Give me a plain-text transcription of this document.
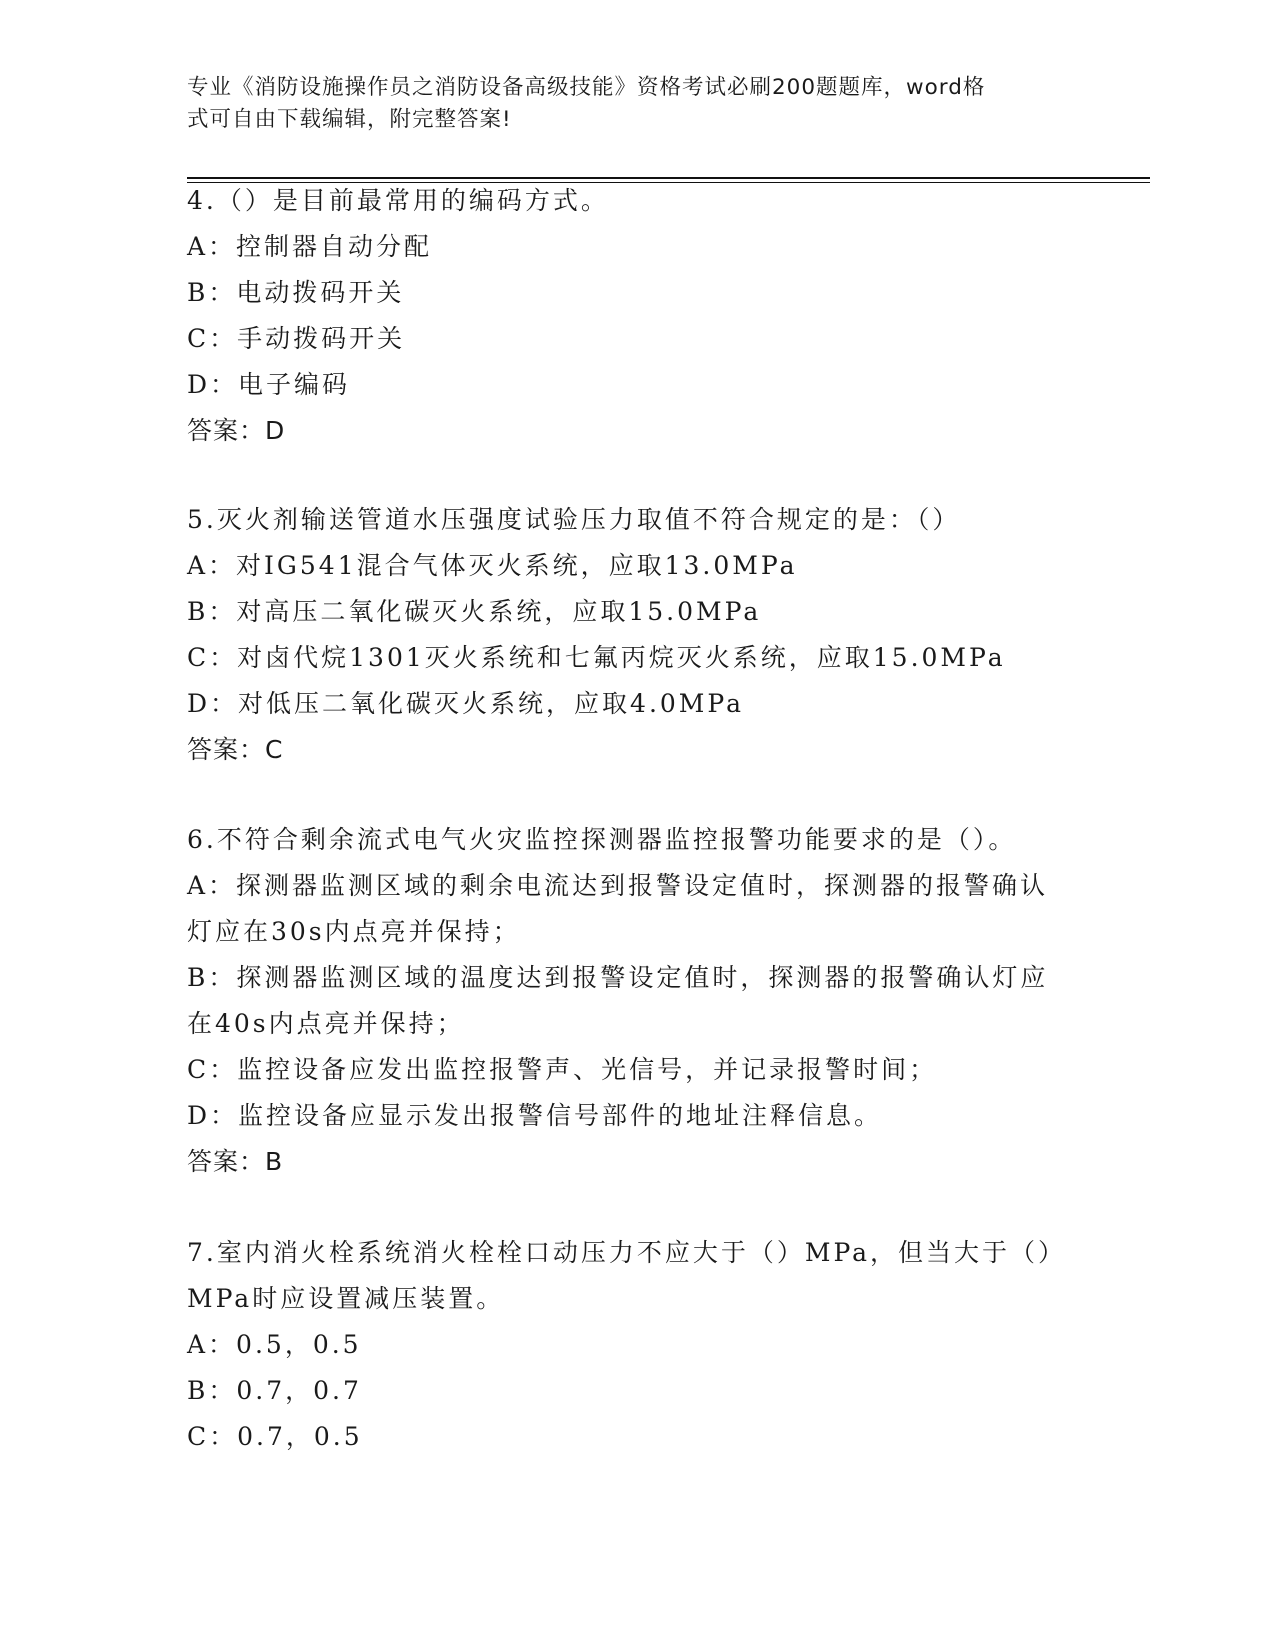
专业《消防设施操作员之消防设备高级技能》资格考试必刷200题题库，word格
式可自由下载编辑，附完整答案!
4.（）是目前最常用的编码方式。
A：控制器自动分配
B：电动拨码开关
C：手动拨码开关
D：电子编码
答案：D
5.灭火剂输送管道水压强度试验压力取值不符合规定的是：（）
A：对IG541混合气体灭火系统，应取13.0MPa
B：对高压二氧化碳灭火系统，应取15.0MPa
C：对卤代烷1301灭火系统和七氟丙烷灭火系统，应取15.0MPa
D：对低压二氧化碳灭火系统，应取4.0MPa
答案：C
6.不符合剩余流式电气火灾监控探测器监控报警功能要求的是（）。
A：探测器监测区域的剩余电流达到报警设定值时，探测器的报警确认
灯应在30s内点亮并保持；
B：探测器监测区域的温度达到报警设定值时，探测器的报警确认灯应
在40s内点亮并保持；
C：监控设备应发出监控报警声、光信号，并记录报警时间；
D：监控设备应显示发出报警信号部件的地址注释信息。
答案：B
7.室内消火栓系统消火栓栓口动压力不应大于（）MPa，但当大于（）
MPa时应设置减压装置。
A：0.5，0.5
B：0.7，0.7
C：0.7，0.5
